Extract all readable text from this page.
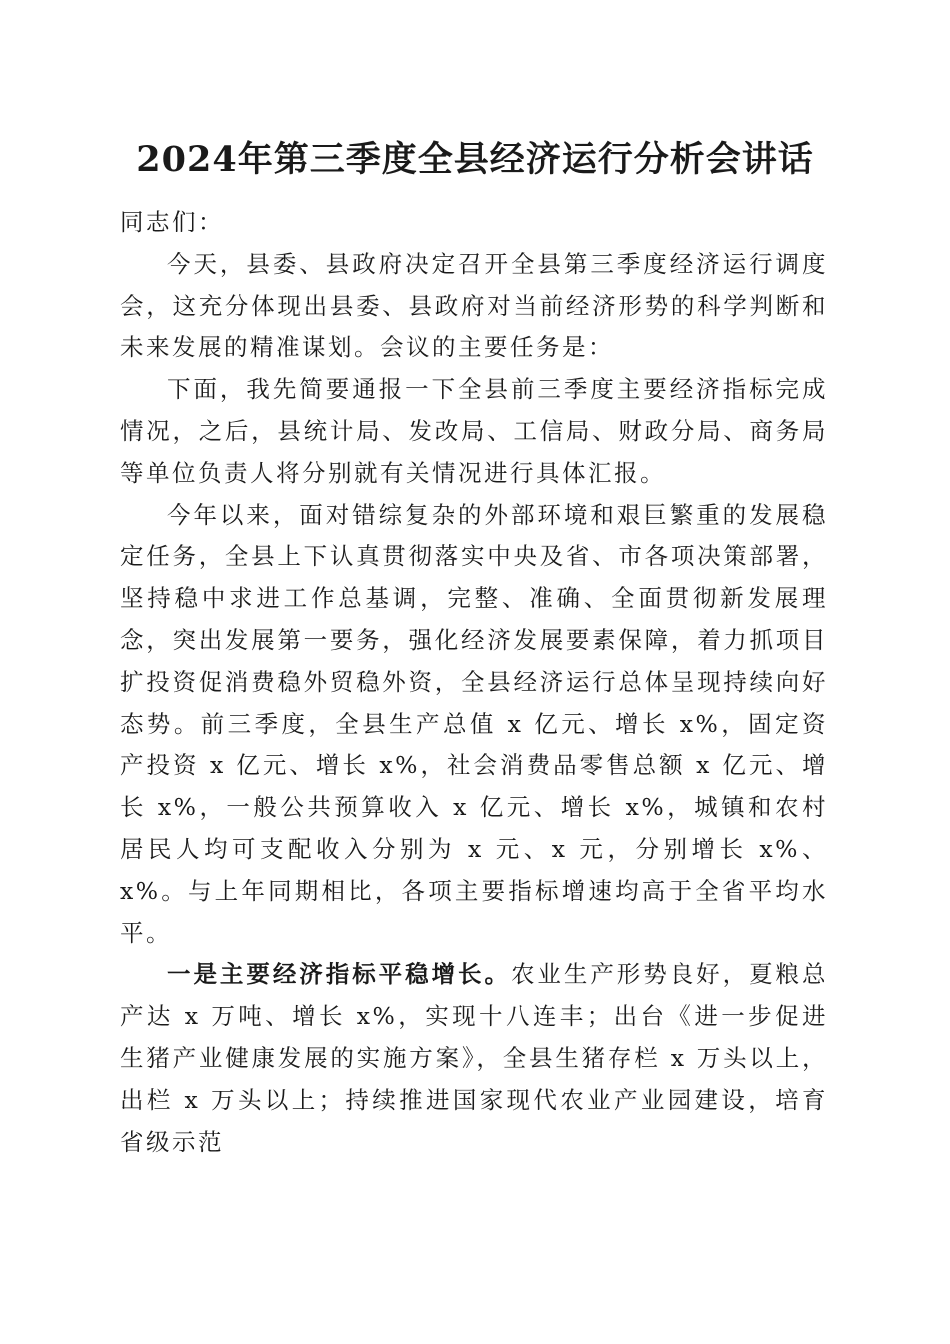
2024年第三季度全县经济运行分析会讲话

同志们：

今天，县委、县政府决定召开全县第三季度经济运行调度会，这充分体现出县委、县政府对当前经济形势的科学判断和未来发展的精准谋划。会议的主要任务是：

下面，我先简要通报一下全县前三季度主要经济指标完成情况，之后，县统计局、发改局、工信局、财政分局、商务局等单位负责人将分别就有关情况进行具体汇报。

今年以来，面对错综复杂的外部环境和艰巨繁重的发展稳定任务，全县上下认真贯彻落实中央及省、市各项决策部署，坚持稳中求进工作总基调，完整、准确、全面贯彻新发展理念，突出发展第一要务，强化经济发展要素保障，着力抓项目扩投资促消费稳外贸稳外资，全县经济运行总体呈现持续向好态势。前三季度，全县生产总值 x 亿元、增长 x%，固定资产投资 x 亿元、增长 x%，社会消费品零售总额 x 亿元、增长 x%，一般公共预算收入 x 亿元、增长 x%，城镇和农村居民人均可支配收入分别为 x 元、x 元，分别增长 x%、x%。与上年同期相比，各项主要指标增速均高于全省平均水平。

一是主要经济指标平稳增长。农业生产形势良好，夏粮总产达 x 万吨、增长 x%，实现十八连丰；出台《进一步促进生猪产业健康发展的实施方案》，全县生猪存栏 x 万头以上，出栏 x 万头以上；持续推进国家现代农业产业园建设，培育省级示范
